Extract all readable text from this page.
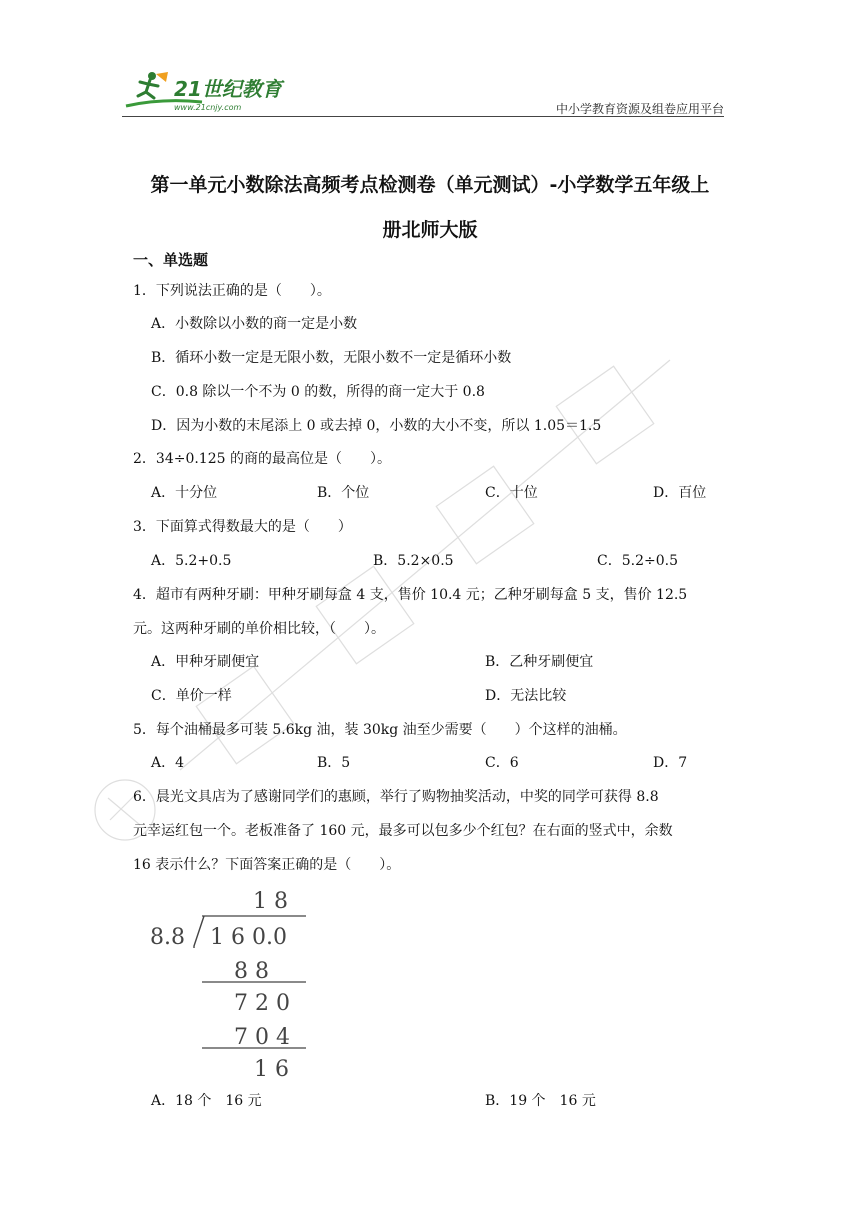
21世纪教育
www.21cnjy.com	中小学教育资源及组卷应用平台
第一单元小数除法高频考点检测卷（单元测试）-小学数学五年级上
册北师大版
一、单选题
1．下列说法正确的是（　　）。
A．小数除以小数的商一定是小数
B．循环小数一定是无限小数，无限小数不一定是循环小数
C．0.8 除以一个不为 0 的数，所得的商一定大于 0.8
D．因为小数的末尾添上 0 或去掉 0，小数的大小不变，所以 1.05＝1.5
2．34÷0.125 的商的最高位是（　　）。
A．十分位	B．个位	C．十位	D．百位
3．下面算式得数最大的是（　　）
A．5.2+0.5	B．5.2×0.5	C．5.2÷0.5
4．超市有两种牙刷：甲种牙刷每盒 4 支，售价 10.4 元；乙种牙刷每盒 5 支，售价 12.5
元。这两种牙刷的单价相比较，（　　）。
A．甲种牙刷便宜	B．乙种牙刷便宜
C．单价一样	D．无法比较
5．每个油桶最多可装 5.6kg 油，装 30kg 油至少需要（　　）个这样的油桶。
A．4	B．5	C．6	D．7
6．晨光文具店为了感谢同学们的惠顾，举行了购物抽奖活动，中奖的同学可获得 8.8
元幸运红包一个。老板准备了 160 元，最多可以包多少个红包？在右面的竖式中，余数
16 表示什么？下面答案正确的是（　　）。
1 8
8.8 1 6 0.0
8 8
7 2 0
7 0 4
1 6
A．18 个　16 元	B．19 个　16 元
